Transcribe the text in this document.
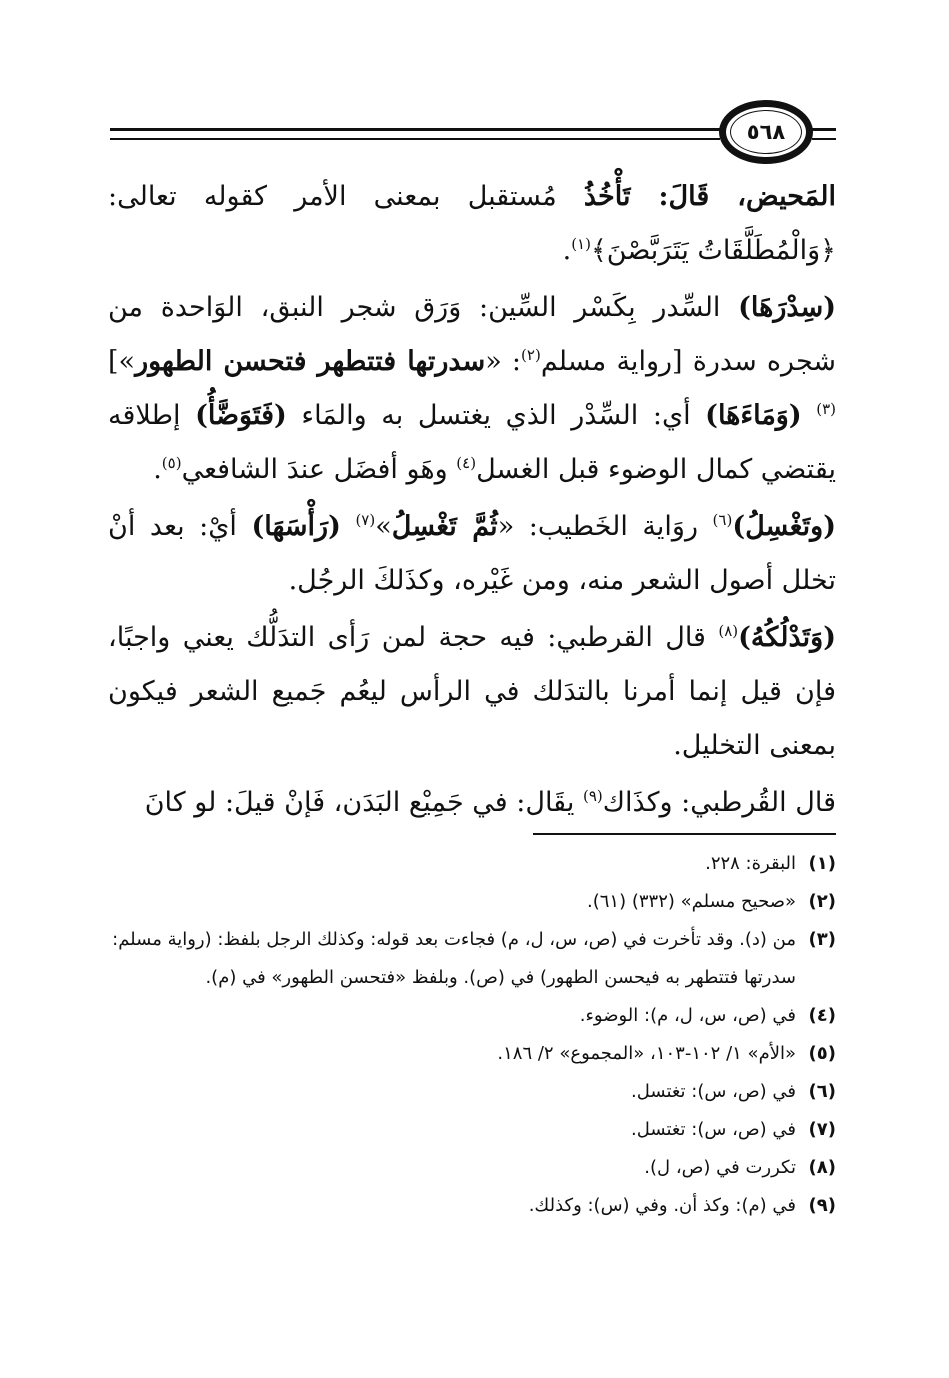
٥٦٨

المَحيض، قَالَ: تَأْخُذُ مُستقبل بمعنى الأمر كقوله تعالى: ﴿وَالْمُطَلَّقَاتُ يَتَرَبَّصْنَ﴾$^{(١)}$.

(سِدْرَهَا) السِّدر بِكَسْر السِّين: وَرَق شجر النبق، الوَاحدة من شجره سدرة [رواية مسلم$^{(٢)}$: «سدرتها فتتطهر فتحسن الطهور»]$^{(٣)}$ (وَمَاءَهَا) أي: السِّدْر الذي يغتسل به والمَاء (فَتَوَضَّأُ) إطلاقه يقتضي كمال الوضوء قبل الغسل$^{(٤)}$ وهَو أفضَل عندَ الشافعي$^{(٥)}$.

(وتَغْسِلُ)$^{(٦)}$ روَاية الخَطيب: «ثُمَّ تَغْسِلُ»$^{(٧)}$ (رَأْسَهَا) أيْ: بعد أنْ تخلل أصول الشعر منه، ومن غَيْره، وكذَلكَ الرجُل.

(وَتَدْلُكُهُ)$^{(٨)}$ قال القرطبي: فيه حجة لمن رَأى التدَلُّك يعني واجبًا، فإن قيل إنما أمرنا بالتدَلك في الرأس ليعُم جَميع الشعر فيكون بمعنى التخليل.

قال القُرطبي: وكذَاك$^{(٩)}$ يقَال: في جَمِيْع البَدَن، فَإنْ قيلَ: لو كانَ

(١)
البقرة: ٢٢٨.
(٢)
«صحيح مسلم» (٣٣٢) (٦١).
(٣)
من (د). وقد تأخرت في (ص، س، ل، م) فجاءت بعد قوله: وكذلك الرجل بلفظ: (رواية مسلم: سدرتها فتتطهر به فيحسن الطهور) في (ص). وبلفظ «فتحسن الطهور» في (م).
(٤)
في (ص، س، ل، م): الوضوء.
(٥)
«الأم» ١/ ١٠٢-١٠٣، «المجموع» ٢/ ١٨٦.
(٦)
في (ص، س): تغتسل.
(٧)
في (ص، س): تغتسل.
(٨)
تكررت في (ص، ل).
(٩)
في (م): وكذ أن. وفي (س): وكذلك.
